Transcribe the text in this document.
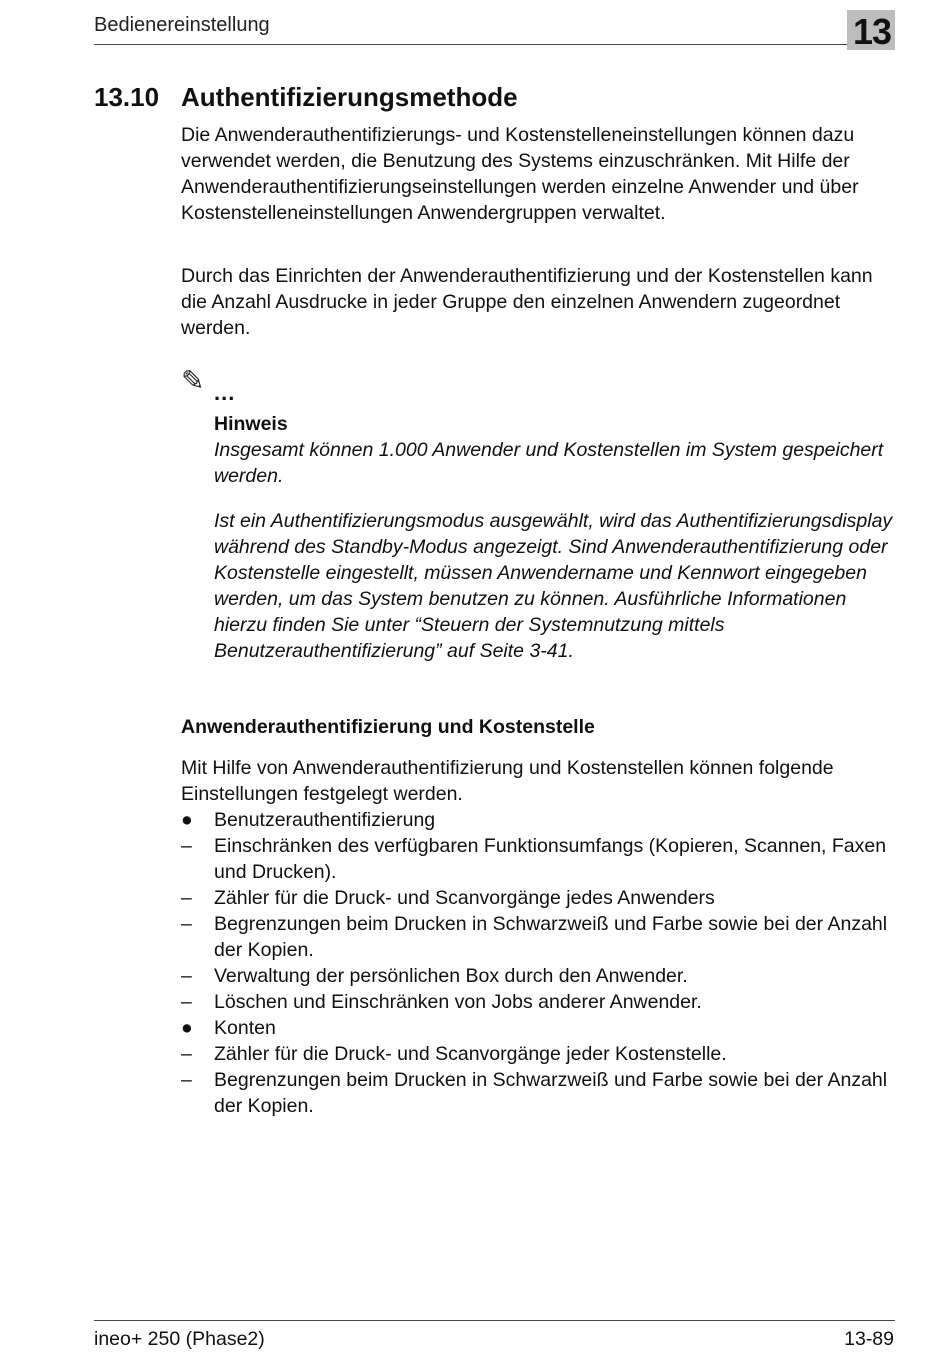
Bedienereinstellung	13
13.10 Authentifizierungsmethode

Die Anwenderauthentifizierungs- und Kostenstelleneinstellungen können dazu verwendet werden, die Benutzung des Systems einzuschränken. Mit Hilfe der Anwenderauthentifizierungseinstellungen werden einzelne Anwender und über Kostenstelleneinstellungen Anwendergruppen verwaltet.

Durch das Einrichten der Anwenderauthentifizierung und der Kostenstellen kann die Anzahl Ausdrucke in jeder Gruppe den einzelnen Anwendern zugeordnet werden.

✎ ...
Hinweis

Insgesamt können 1.000 Anwender und Kostenstellen im System gespeichert werden.

Ist ein Authentifizierungsmodus ausgewählt, wird das Authentifizierungsdisplay während des Standby-Modus angezeigt. Sind Anwenderauthentifizierung oder Kostenstelle eingestellt, müssen Anwendername und Kennwort eingegeben werden, um das System benutzen zu können. Ausführliche Informationen hierzu finden Sie unter “Steuern der Systemnutzung mittels Benutzerauthentifizierung” auf Seite 3-41.

Anwenderauthentifizierung und Kostenstelle

Mit Hilfe von Anwenderauthentifizierung und Kostenstellen können folgende Einstellungen festgelegt werden.

●	Benutzerauthentifizierung
–	Einschränken des verfügbaren Funktionsumfangs (Kopieren, Scannen, Faxen und Drucken).
–	Zähler für die Druck- und Scanvorgänge jedes Anwenders
–	Begrenzungen beim Drucken in Schwarzweiß und Farbe sowie bei der Anzahl der Kopien.
–	Verwaltung der persönlichen Box durch den Anwender.
–	Löschen und Einschränken von Jobs anderer Anwender.
●	Konten
–	Zähler für die Druck- und Scanvorgänge jeder Kostenstelle.
–	Begrenzungen beim Drucken in Schwarzweiß und Farbe sowie bei der Anzahl der Kopien.
ineo+ 250 (Phase2)	13-89
